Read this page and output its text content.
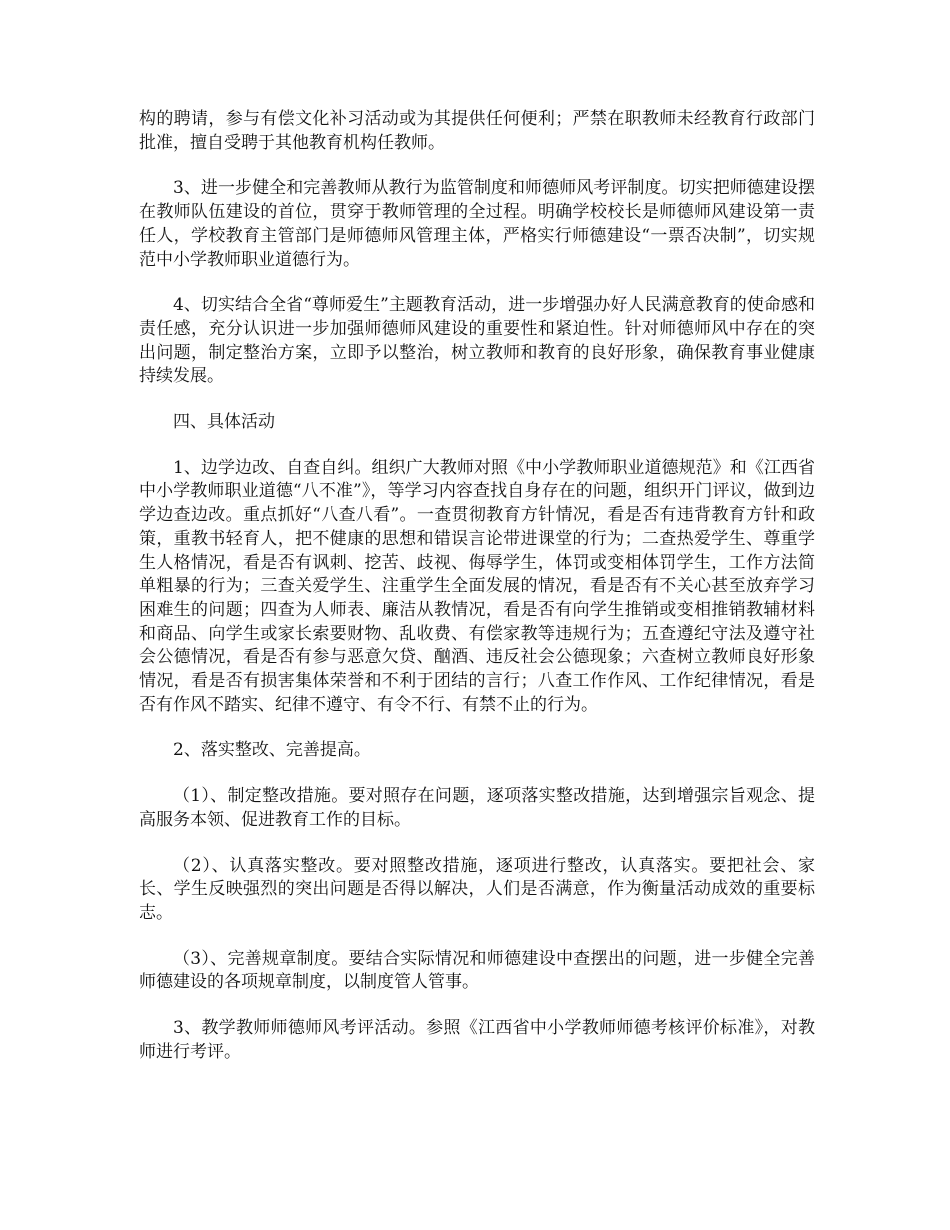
构的聘请，参与有偿文化补习活动或为其提供任何便利；严禁在职教师未经教育行政部门批准，擅自受聘于其他教育机构任教师。

3、进一步健全和完善教师从教行为监管制度和师德师风考评制度。切实把师德建设摆在教师队伍建设的首位，贯穿于教师管理的全过程。明确学校校长是师德师风建设第一责任人，学校教育主管部门是师德师风管理主体，严格实行师德建设“一票否决制”，切实规范中小学教师职业道德行为。

4、切实结合全省“尊师爱生”主题教育活动，进一步增强办好人民满意教育的使命感和责任感，充分认识进一步加强师德师风建设的重要性和紧迫性。针对师德师风中存在的突出问题，制定整治方案，立即予以整治，树立教师和教育的良好形象，确保教育事业健康持续发展。

四、具体活动

1、边学边改、自查自纠。组织广大教师对照《中小学教师职业道德规范》和《江西省中小学教师职业道德“八不准”》，等学习内容查找自身存在的问题，组织开门评议，做到边学边查边改。重点抓好“八查八看”。一查贯彻教育方针情况，看是否有违背教育方针和政策，重教书轻育人，把不健康的思想和错误言论带进课堂的行为；二查热爱学生、尊重学生人格情况，看是否有讽刺、挖苦、歧视、侮辱学生，体罚或变相体罚学生，工作方法简单粗暴的行为；三查关爱学生、注重学生全面发展的情况，看是否有不关心甚至放弃学习困难生的问题；四查为人师表、廉洁从教情况，看是否有向学生推销或变相推销教辅材料和商品、向学生或家长索要财物、乱收费、有偿家教等违规行为；五查遵纪守法及遵守社会公德情况，看是否有参与恶意欠贷、酗酒、违反社会公德现象；六查树立教师良好形象情况，看是否有损害集体荣誉和不利于团结的言行；八查工作作风、工作纪律情况，看是否有作风不踏实、纪律不遵守、有令不行、有禁不止的行为。

2、落实整改、完善提高。

（1）、制定整改措施。要对照存在问题，逐项落实整改措施，达到增强宗旨观念、提高服务本领、促进教育工作的目标。

（2）、认真落实整改。要对照整改措施，逐项进行整改，认真落实。要把社会、家长、学生反映强烈的突出问题是否得以解决，人们是否满意，作为衡量活动成效的重要标志。

（3）、完善规章制度。要结合实际情况和师德建设中查摆出的问题，进一步健全完善师德建设的各项规章制度，以制度管人管事。

3、教学教师师德师风考评活动。参照《江西省中小学教师师德考核评价标准》，对教师进行考评。
